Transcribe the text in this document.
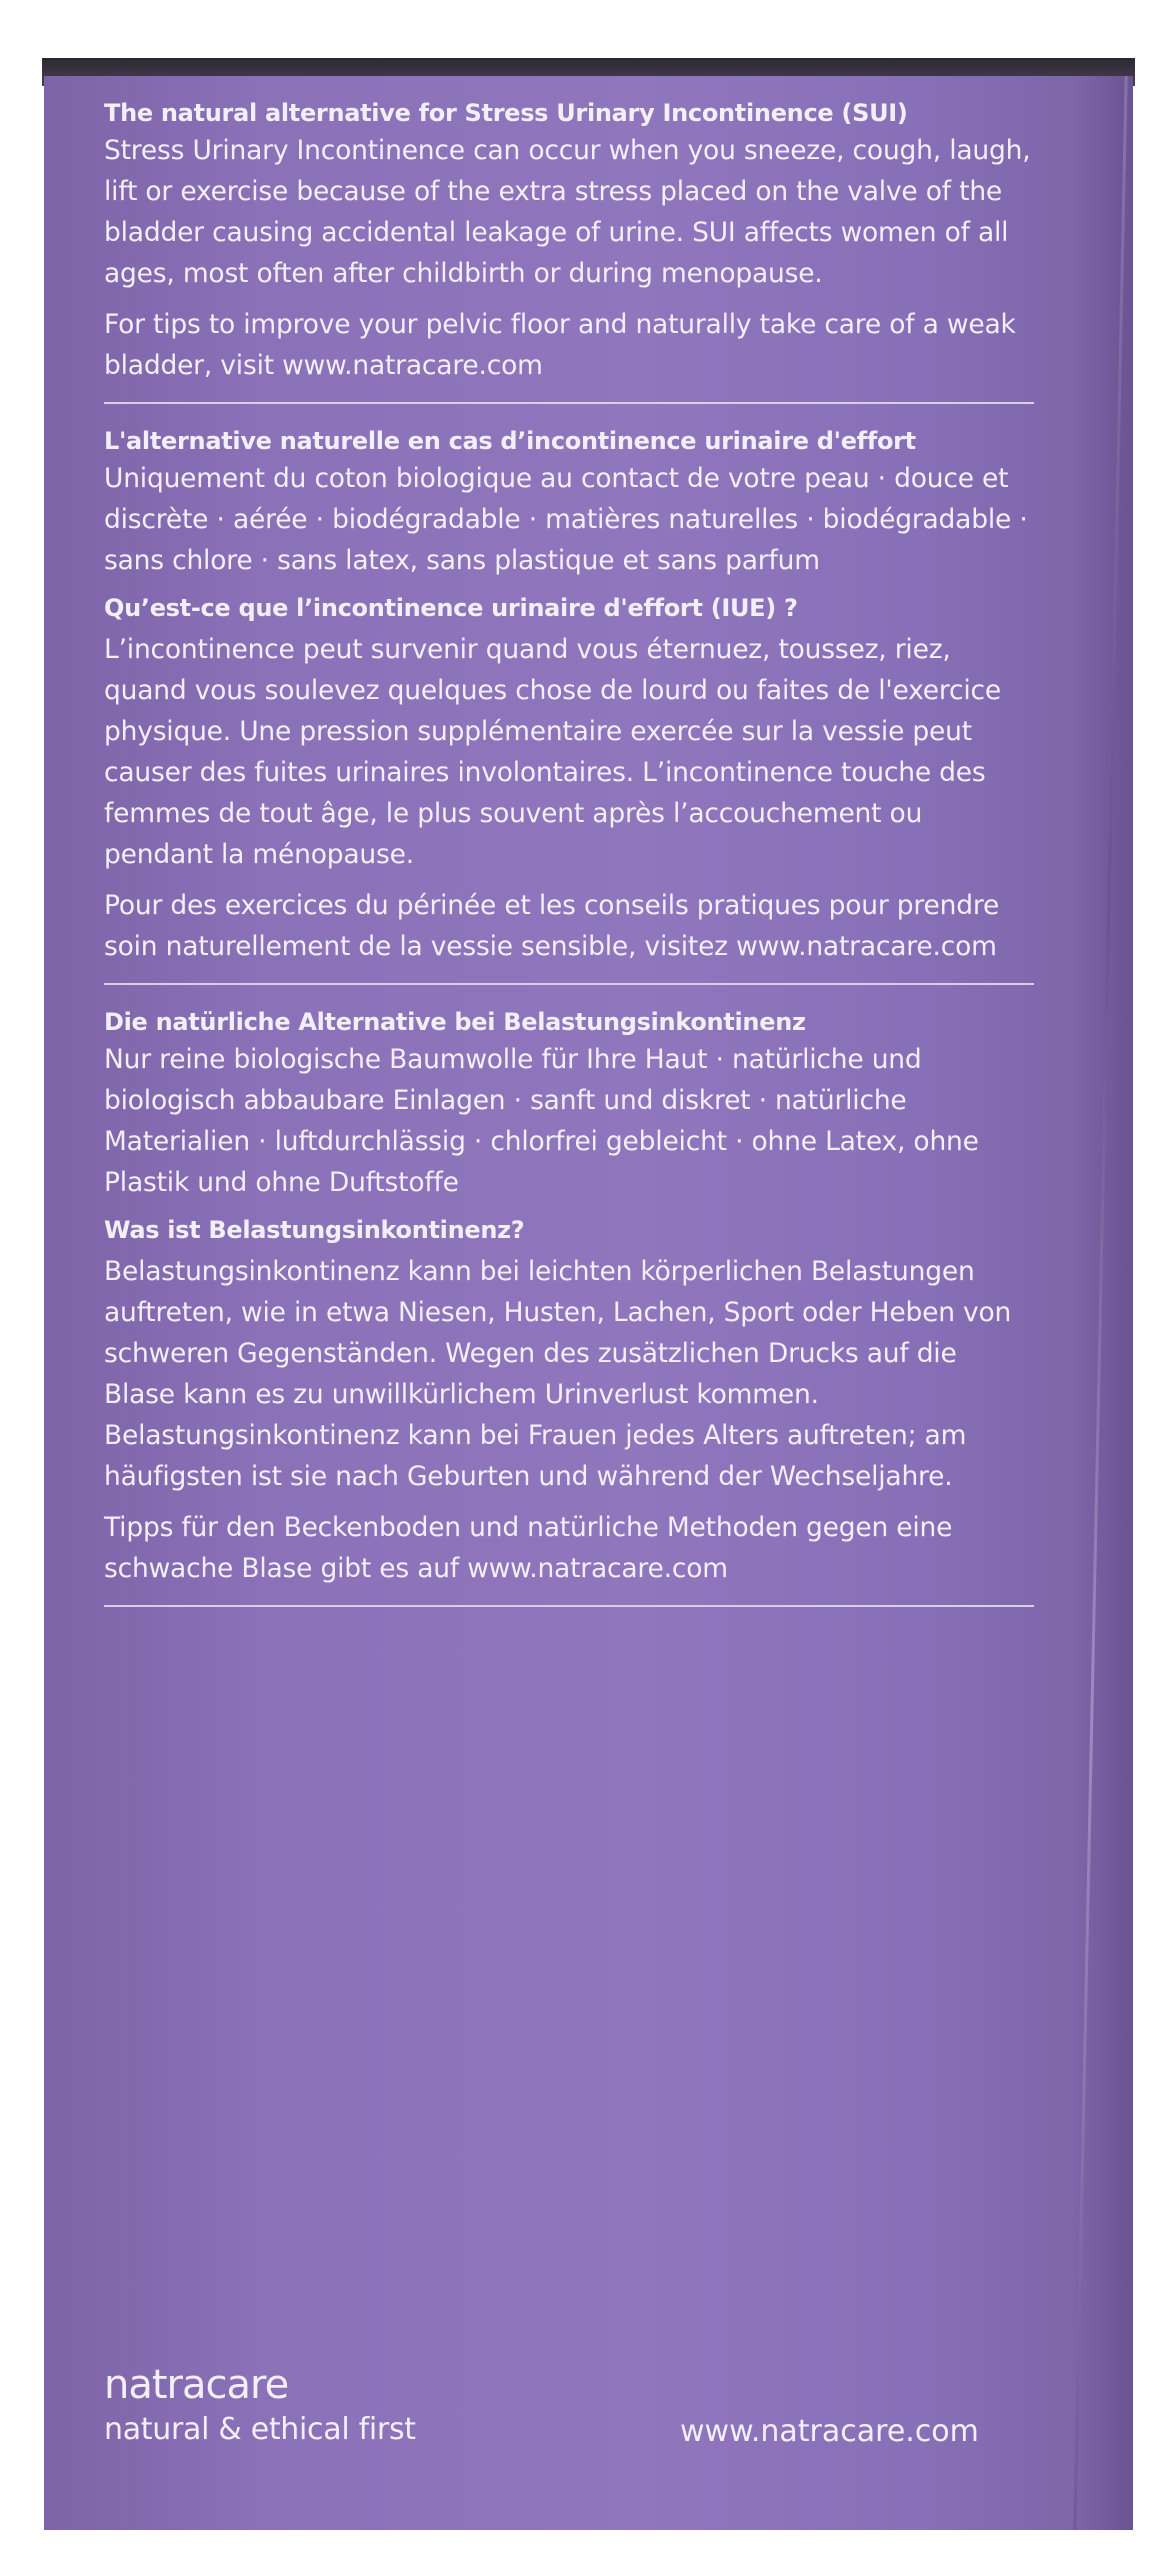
The natural alternative for Stress Urinary Incontinence (SUI)

Stress Urinary Incontinence can occur when you sneeze, cough, laugh, lift or exercise because of the extra stress placed on the valve of the bladder causing accidental leakage of urine. SUI affects women of all ages, most often after childbirth or during menopause.

For tips to improve your pelvic floor and naturally take care of a weak bladder, visit www.natracare.com

L'alternative naturelle en cas d’incontinence urinaire d'effort

Uniquement du coton biologique au contact de votre peau · douce et discrète · aérée · biodégradable · matières naturelles · biodégradable · sans chlore · sans latex, sans plastique et sans parfum

Qu’est-ce que l’incontinence urinaire d'effort (IUE) ?

L’incontinence peut survenir quand vous éternuez, toussez, riez, quand vous soulevez quelques chose de lourd ou faites de l'exercice physique. Une pression supplémentaire exercée sur la vessie peut causer des fuites urinaires involontaires. L’incontinence touche des femmes de tout âge, le plus souvent après l’accouchement ou pendant la ménopause.

Pour des exercices du périnée et les conseils pratiques pour prendre soin naturellement de la vessie sensible, visitez www.natracare.com

Die natürliche Alternative bei Belastungsinkontinenz

Nur reine biologische Baumwolle für Ihre Haut · natürliche und biologisch abbaubare Einlagen · sanft und diskret · natürliche Materialien · luftdurchlässig · chlorfrei gebleicht · ohne Latex, ohne Plastik und ohne Duftstoffe

Was ist Belastungsinkontinenz?

Belastungsinkontinenz kann bei leichten körperlichen Belastungen auftreten, wie in etwa Niesen, Husten, Lachen, Sport oder Heben von schweren Gegenständen. Wegen des zusätzlichen Drucks auf die Blase kann es zu unwillkürlichem Urinverlust kommen. Belastungsinkontinenz kann bei Frauen jedes Alters auftreten; am häufigsten ist sie nach Geburten und während der Wechseljahre.

Tipps für den Beckenboden und natürliche Methoden gegen eine schwache Blase gibt es auf www.natracare.com

natracare
natural & ethical first	www.natracare.com
